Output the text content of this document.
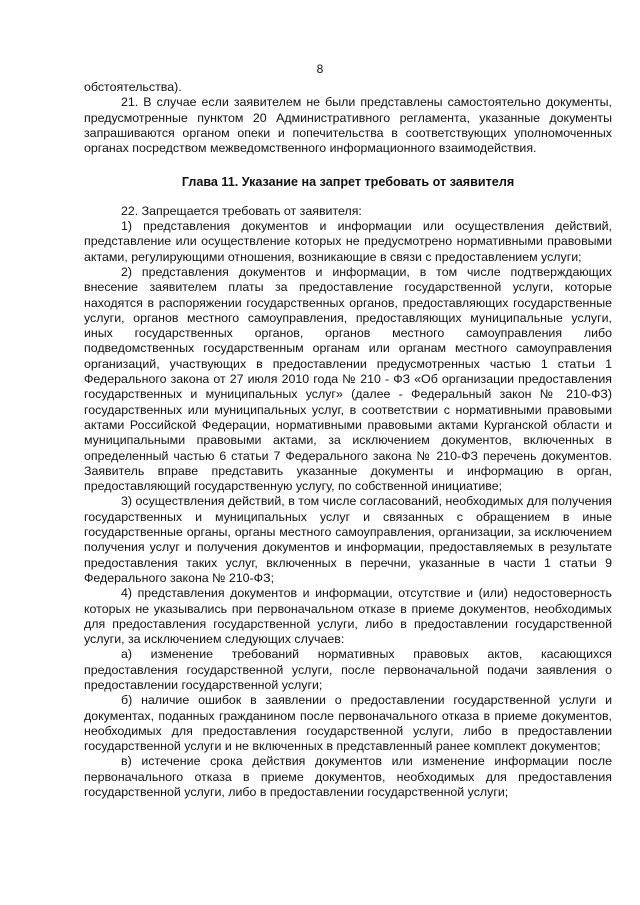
8

обстоятельства).

21. В случае если заявителем не были представлены самостоятельно документы, предусмотренные пунктом 20 Административного регламента, указанные документы запрашиваются органом опеки и попечительства в соответствующих уполномоченных органах посредством межведомственного информационного взаимодействия.

Глава 11. Указание на запрет требовать от заявителя

22. Запрещается требовать от заявителя:

1) представления документов и информации или осуществления действий, представление или осуществление которых не предусмотрено нормативными правовыми актами, регулирующими отношения, возникающие в связи с предоставлением услуги;

2) представления документов и информации, в том числе подтверждающих внесение заявителем платы за предоставление государственной услуги, которые находятся в распоряжении государственных органов, предоставляющих государственные услуги, органов местного самоуправления, предоставляющих муниципальные услуги, иных государственных органов, органов местного самоуправления либо подведомственных государственным органам или органам местного самоуправления организаций, участвующих в предоставлении предусмотренных частью 1 статьи 1 Федерального закона от 27 июля 2010 года № 210 - ФЗ «Об организации предоставления государственных и муниципальных услуг» (далее - Федеральный закон № 210-ФЗ) государственных или муниципальных услуг, в соответствии с нормативными правовыми актами Российской Федерации, нормативными правовыми актами Курганской области и муниципальными правовыми актами, за исключением документов, включенных в определенный частью 6 статьи 7 Федерального закона № 210-ФЗ перечень документов. Заявитель вправе представить указанные документы и информацию в орган, предоставляющий государственную услугу, по собственной инициативе;

3) осуществления действий, в том числе согласований, необходимых для получения государственных и муниципальных услуг и связанных с обращением в иные государственные органы, органы местного самоуправления, организации, за исключением получения услуг и получения документов и информации, предоставляемых в результате предоставления таких услуг, включенных в перечни, указанные в части 1 статьи 9 Федерального закона № 210-ФЗ;

4) представления документов и информации, отсутствие и (или) недостоверность которых не указывались при первоначальном отказе в приеме документов, необходимых для предоставления государственной услуги, либо в предоставлении государственной услуги, за исключением следующих случаев:

а) изменение требований нормативных правовых актов, касающихся предоставления государственной услуги, после первоначальной подачи заявления о предоставлении государственной услуги;

б) наличие ошибок в заявлении о предоставлении государственной услуги и документах, поданных гражданином после первоначального отказа в приеме документов, необходимых для предоставления государственной услуги, либо в предоставлении государственной услуги и не включенных в представленный ранее комплект документов;

в) истечение срока действия документов или изменение информации после первоначального отказа в приеме документов, необходимых для предоставления государственной услуги, либо в предоставлении государственной услуги;
